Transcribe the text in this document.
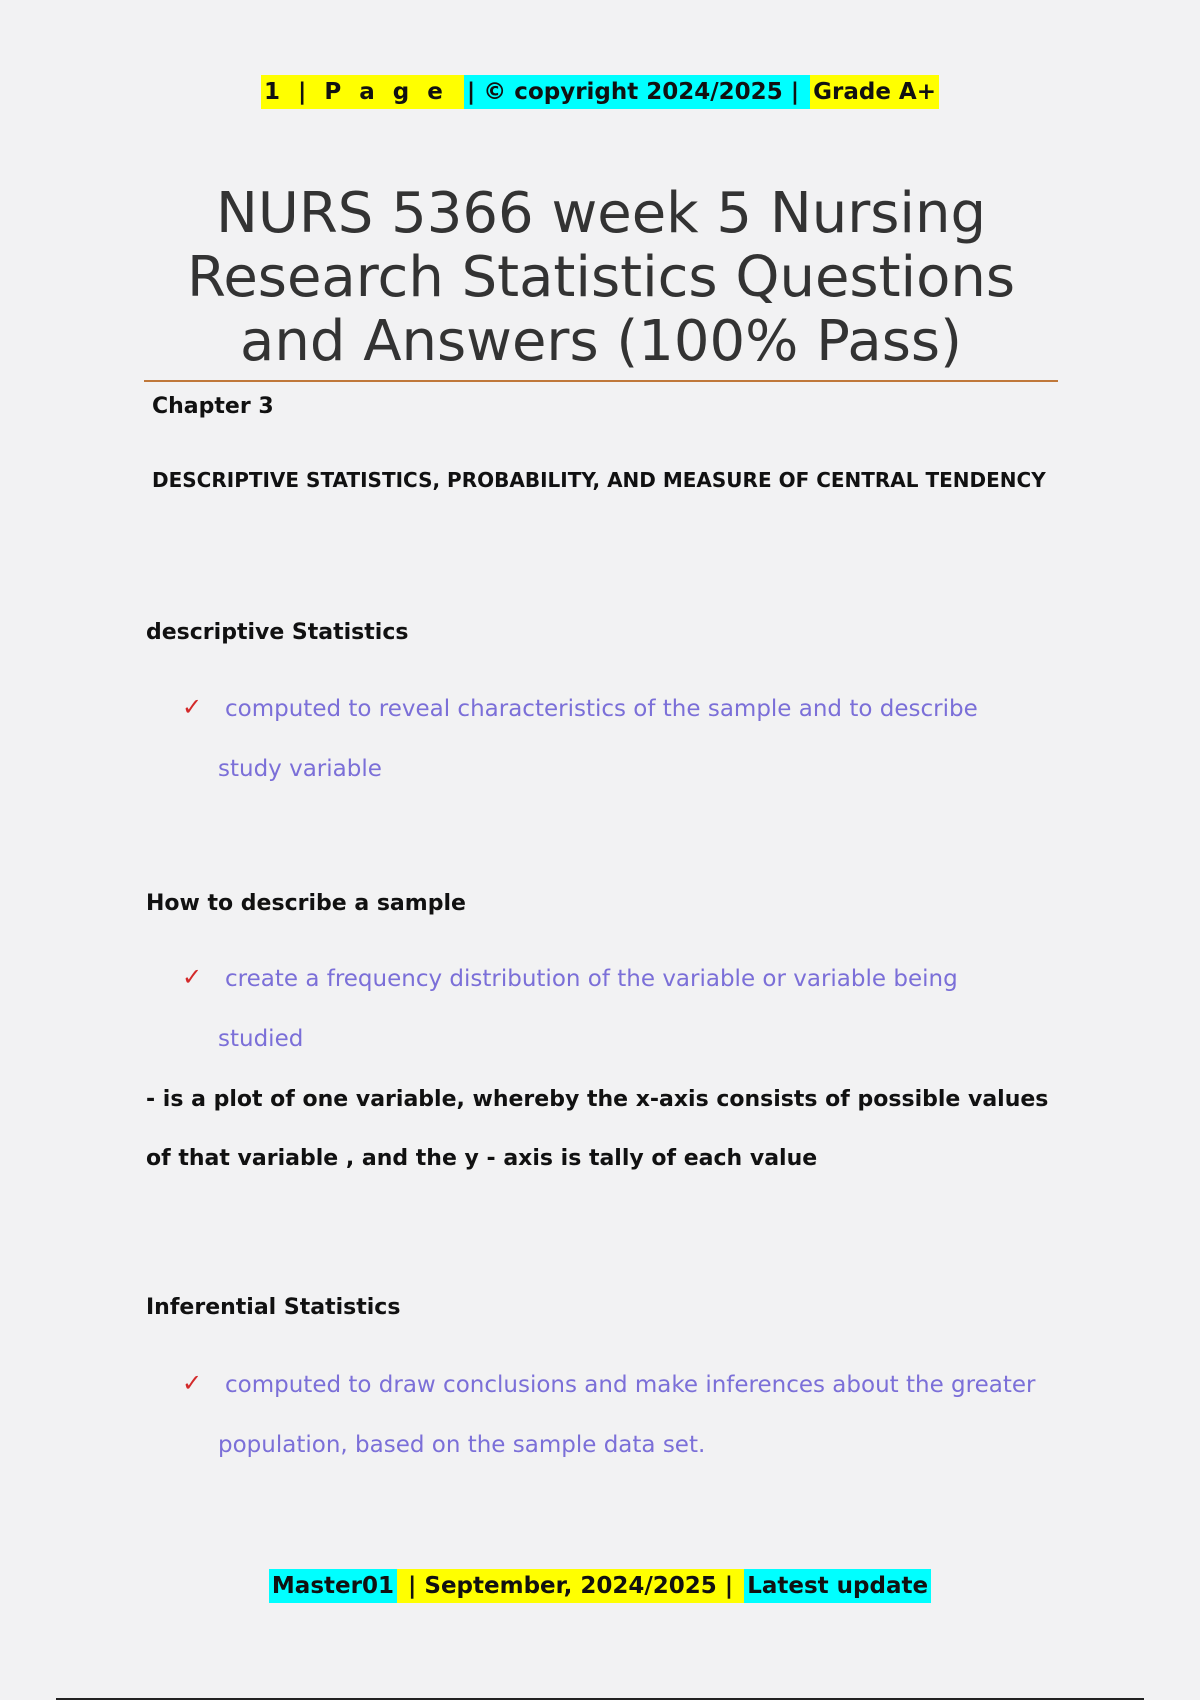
1 | P a g e | © copyright 2024/2025 | Grade A+
NURS 5366 week 5 Nursing Research Statistics Questions and Answers (100% Pass)
Chapter 3
DESCRIPTIVE STATISTICS, PROBABILITY, AND MEASURE OF CENTRAL TENDENCY
descriptive Statistics
✓ computed to reveal characteristics of the sample and to describe study variable
How to describe a sample
✓ create a frequency distribution of the variable or variable being studied
- is a plot of one variable, whereby the x-axis consists of possible values of that variable , and the y - axis is tally of each value
Inferential Statistics
✓ computed to draw conclusions and make inferences about the greater population, based on the sample data set.
Master01 | September, 2024/2025 | Latest update
